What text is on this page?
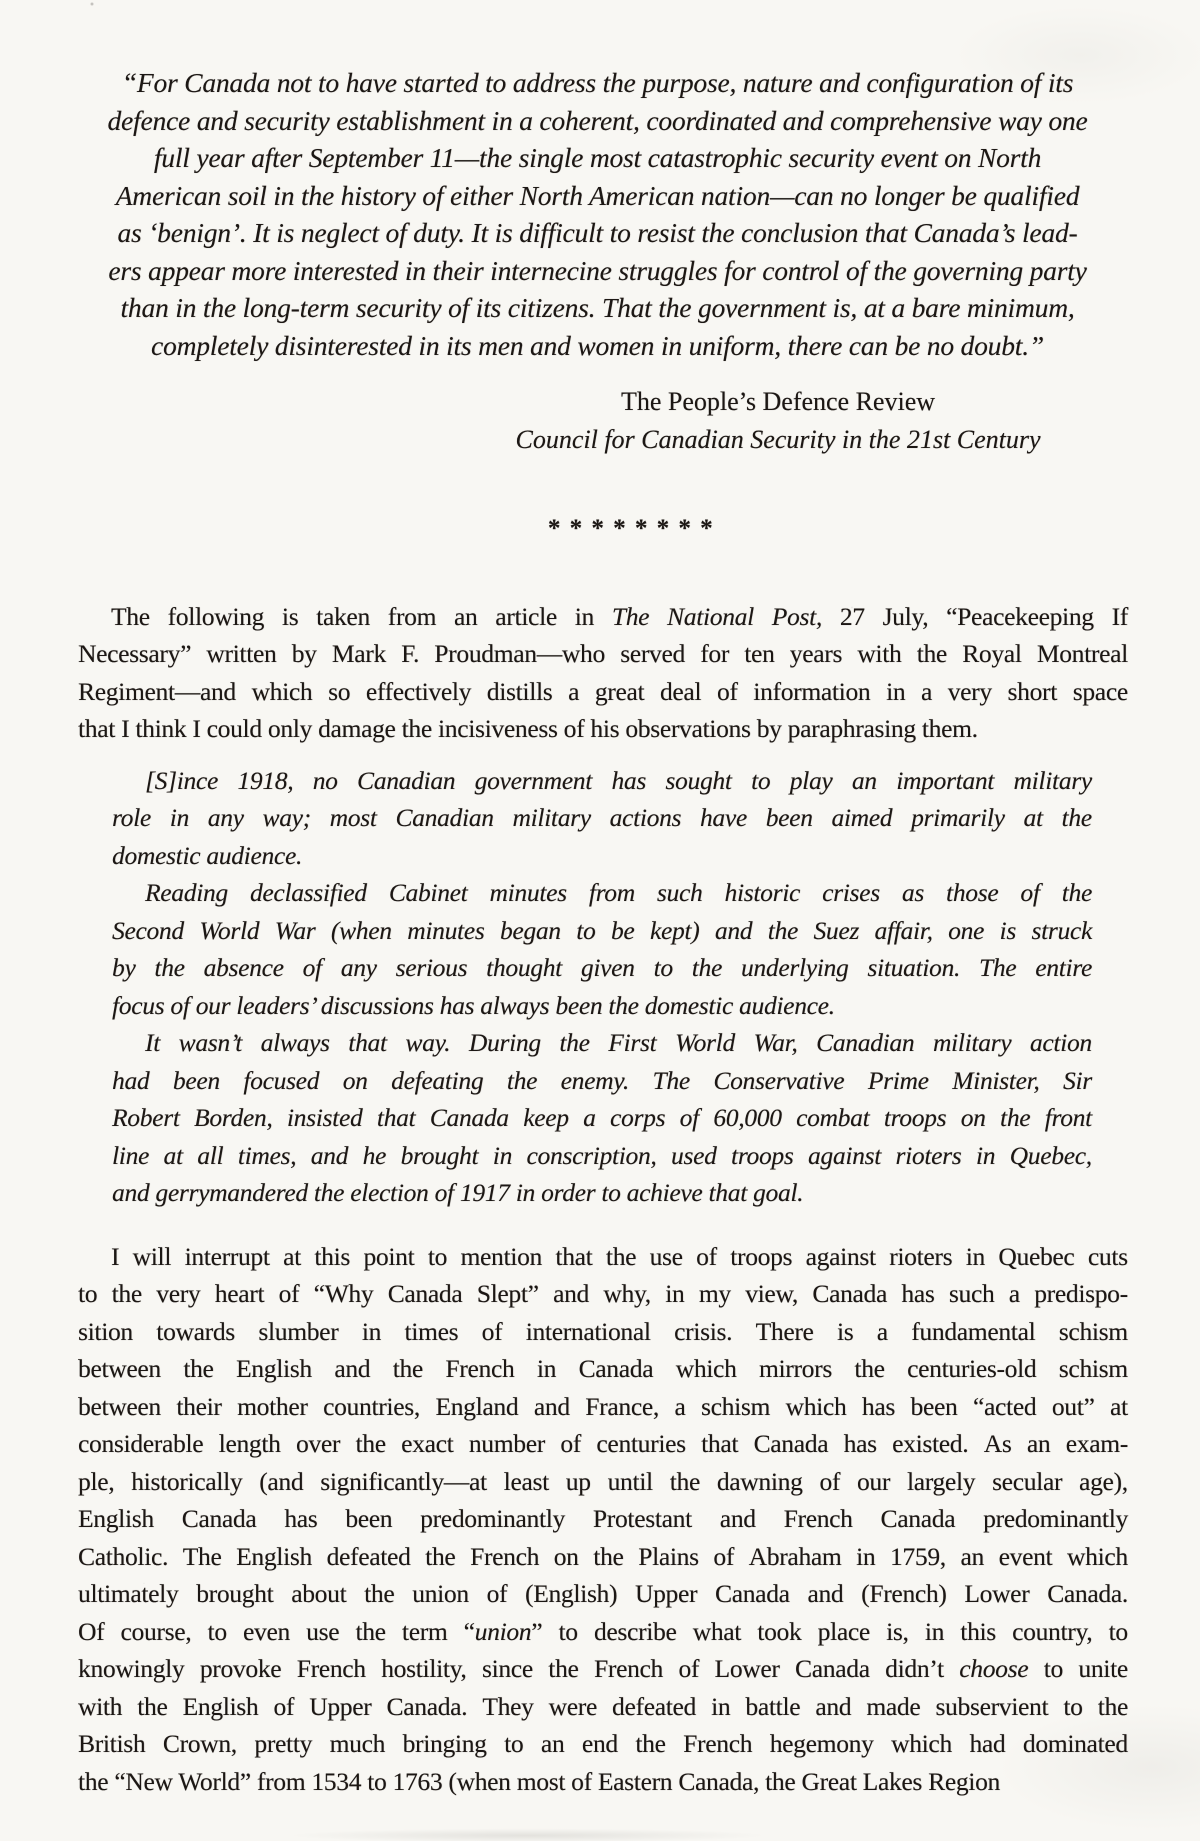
“For Canada not to have started to address the purpose, nature and configuration of its
defence and security establishment in a coherent, coordinated and comprehensive way one
full year after September 11—the single most catastrophic security event on North
American soil in the history of either North American nation—can no longer be qualified
as ‘benign’. It is neglect of duty. It is difficult to resist the conclusion that Canada’s lead-
ers appear more interested in their internecine struggles for control of the governing party
than in the long-term security of its citizens. That the government is, at a bare minimum,
completely disinterested in its men and women in uniform, there can be no doubt.”
The People’s Defence Review
Council for Canadian Security in the 21st Century
* * * * * * * *
The following is taken from an article in The National Post, 27 July, “Peacekeeping If
Necessary” written by Mark F. Proudman—who served for ten years with the Royal Montreal
Regiment—and which so effectively distills a great deal of information in a very short space
that I think I could only damage the incisiveness of his observations by paraphrasing them.
[S]ince 1918, no Canadian government has sought to play an important military
role in any way; most Canadian military actions have been aimed primarily at the
domestic audience.
Reading declassified Cabinet minutes from such historic crises as those of the
Second World War (when minutes began to be kept) and the Suez affair, one is struck
by the absence of any serious thought given to the underlying situation. The entire
focus of our leaders’ discussions has always been the domestic audience.
It wasn’t always that way. During the First World War, Canadian military action
had been focused on defeating the enemy. The Conservative Prime Minister, Sir
Robert Borden, insisted that Canada keep a corps of 60,000 combat troops on the front
line at all times, and he brought in conscription, used troops against rioters in Quebec,
and gerrymandered the election of 1917 in order to achieve that goal.
I will interrupt at this point to mention that the use of troops against rioters in Quebec cuts
to the very heart of “Why Canada Slept” and why, in my view, Canada has such a predispo-
sition towards slumber in times of international crisis. There is a fundamental schism
between the English and the French in Canada which mirrors the centuries-old schism
between their mother countries, England and France, a schism which has been “acted out” at
considerable length over the exact number of centuries that Canada has existed. As an exam-
ple, historically (and significantly—at least up until the dawning of our largely secular age),
English Canada has been predominantly Protestant and French Canada predominantly
Catholic. The English defeated the French on the Plains of Abraham in 1759, an event which
ultimately brought about the union of (English) Upper Canada and (French) Lower Canada.
Of course, to even use the term “union” to describe what took place is, in this country, to
knowingly provoke French hostility, since the French of Lower Canada didn’t choose to unite
with the English of Upper Canada. They were defeated in battle and made subservient to the
British Crown, pretty much bringing to an end the French hegemony which had dominated
the “New World” from 1534 to 1763 (when most of Eastern Canada, the Great Lakes Region
